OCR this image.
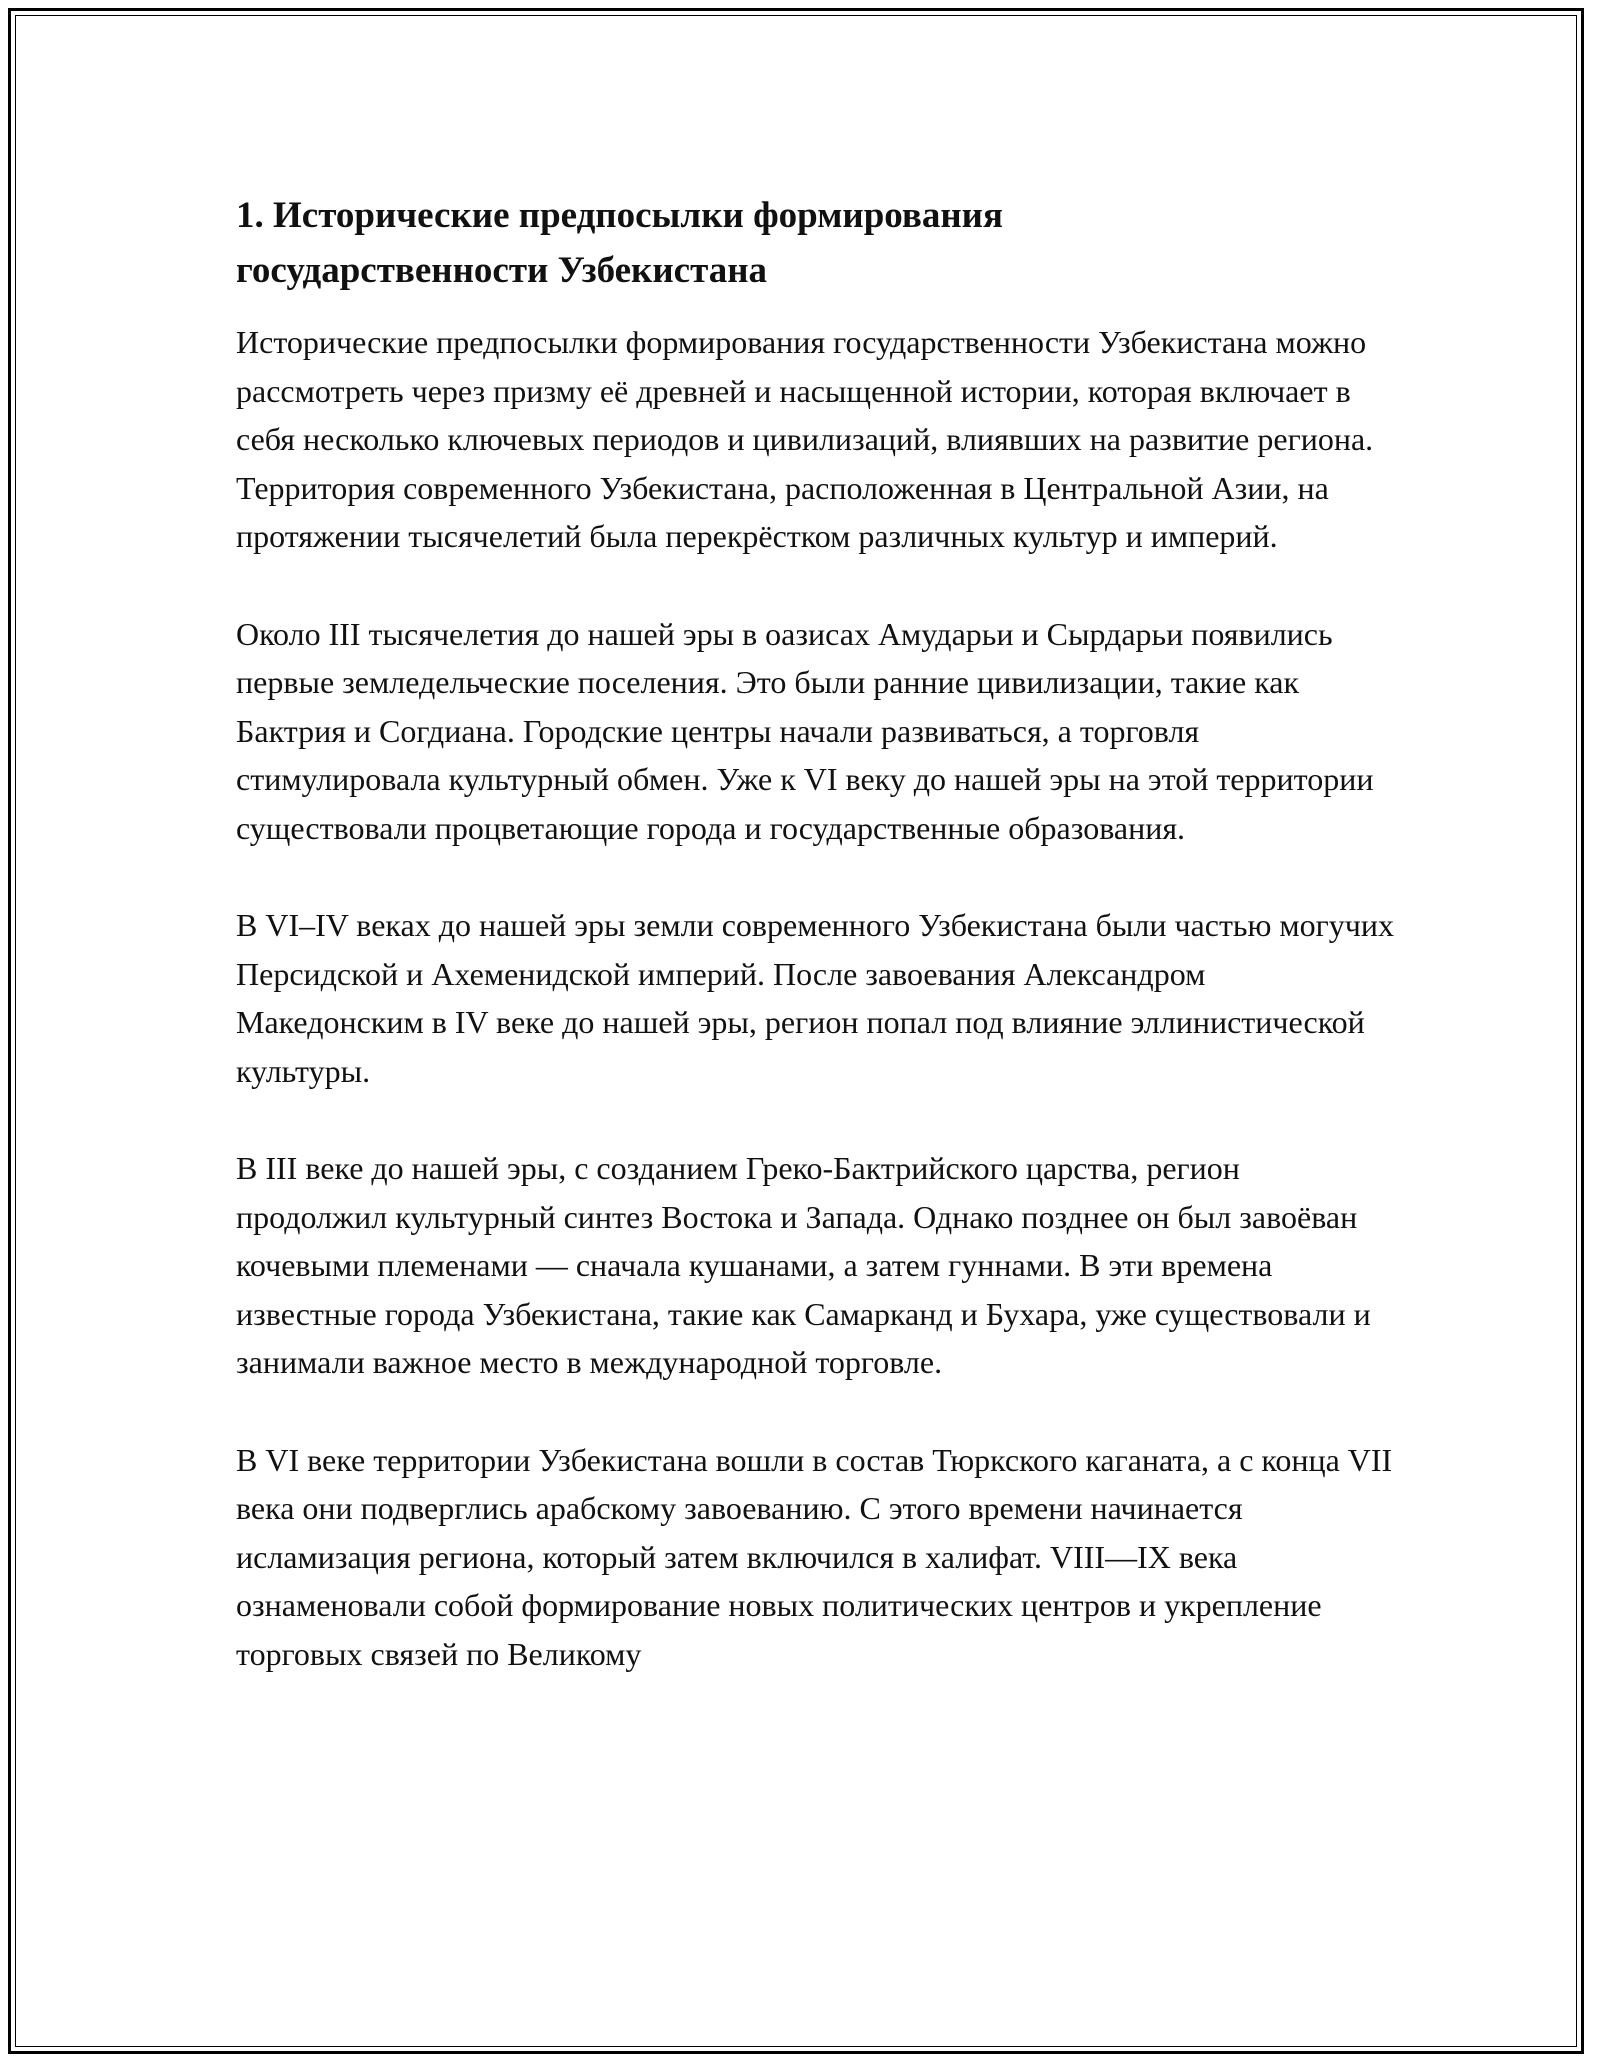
1. Исторические предпосылки формирования государственности Узбекистана

Исторические предпосылки формирования государственности Узбекистана можно рассмотреть через призму её древней и насыщенной истории, которая включает в себя несколько ключевых периодов и цивилизаций, влиявших на развитие региона. Территория современного Узбекистана, расположенная в Центральной Азии, на протяжении тысячелетий была перекрёстком различных культур и империй.

Около III тысячелетия до нашей эры в оазисах Амударьи и Сырдарьи появились первые земледельческие поселения. Это были ранние цивилизации, такие как Бактрия и Согдиана. Городские центры начали развиваться, а торговля стимулировала культурный обмен. Уже к VI веку до нашей эры на этой территории существовали процветающие города и государственные образования.

В VI–IV веках до нашей эры земли современного Узбекистана были частью могучих Персидской и Ахеменидской империй. После завоевания Александром Македонским в IV веке до нашей эры, регион попал под влияние эллинистической культуры.

В III веке до нашей эры, с созданием Греко-Бактрийского царства, регион продолжил культурный синтез Востока и Запада. Однако позднее он был завоёван кочевыми племенами — сначала кушанами, а затем гуннами. В эти времена известные города Узбекистана, такие как Самарканд и Бухара, уже существовали и занимали важное место в международной торговле.

В VI веке территории Узбекистана вошли в состав Тюркского каганата, а с конца VII века они подверглись арабскому завоеванию. С этого времени начинается исламизация региона, который затем включился в халифат. VIII—IX века ознаменовали собой формирование новых политических центров и укрепление торговых связей по Великому
